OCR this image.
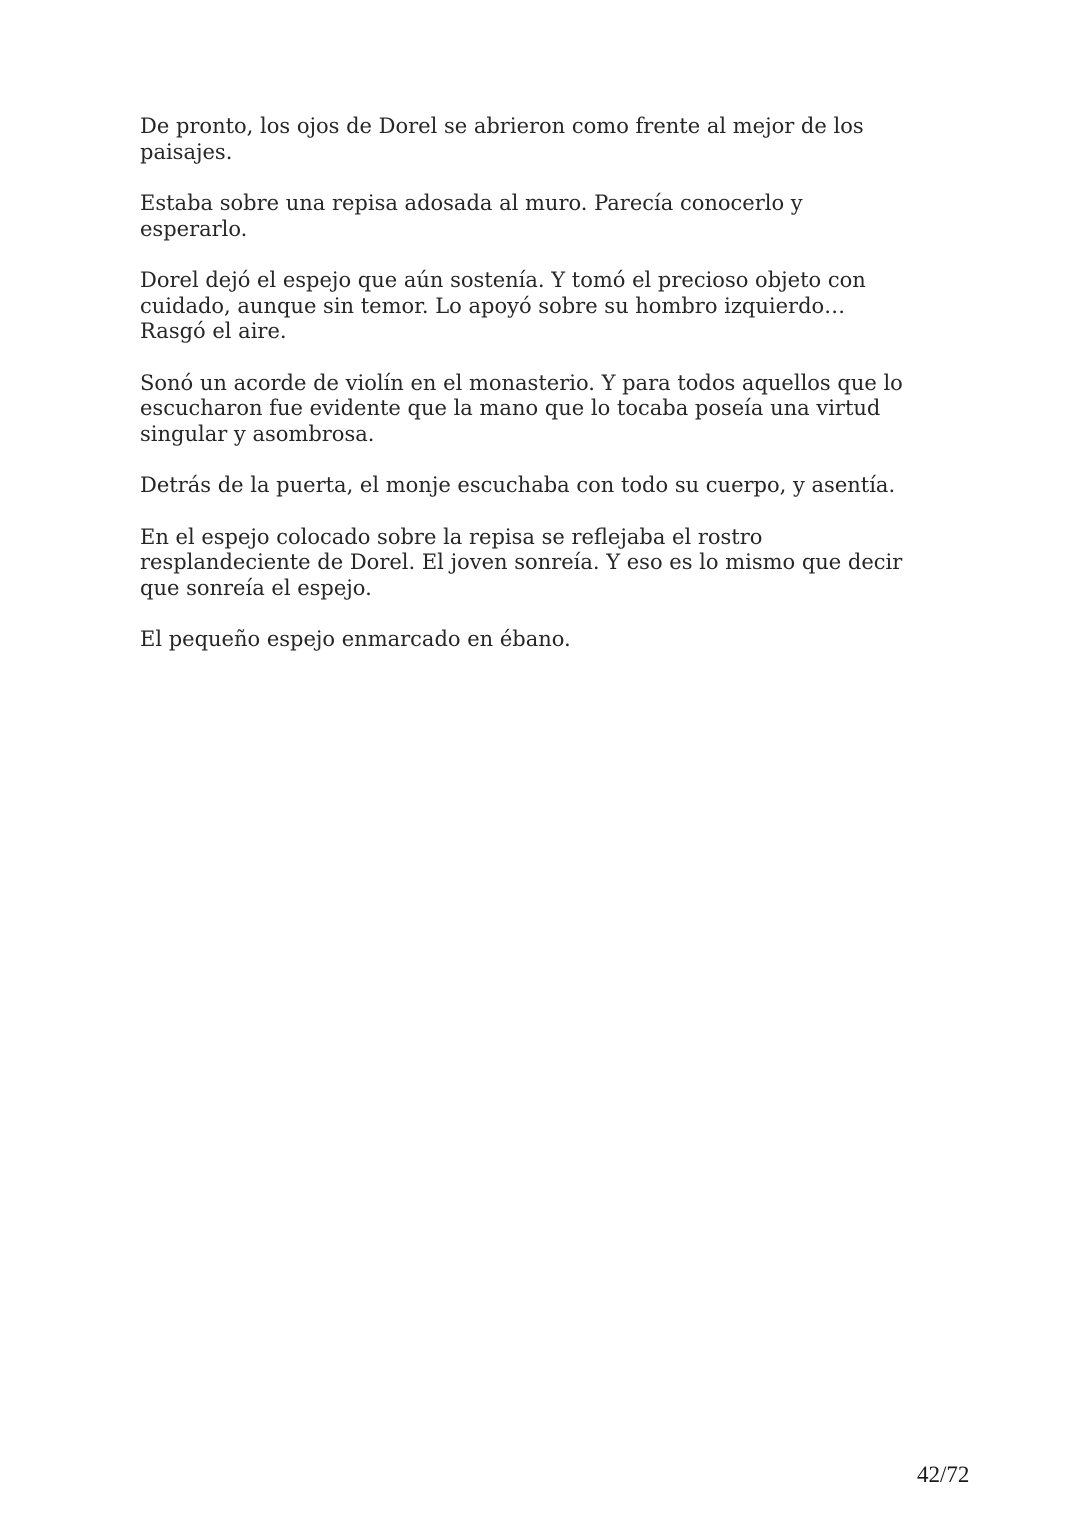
De pronto, los ojos de Dorel se abrieron como frente al mejor de los
paisajes.

Estaba sobre una repisa adosada al muro. Parecía conocerlo y
esperarlo.

Dorel dejó el espejo que aún sostenía. Y tomó el precioso objeto con
cuidado, aunque sin temor. Lo apoyó sobre su hombro izquierdo…
Rasgó el aire.

Sonó un acorde de violín en el monasterio. Y para todos aquellos que lo
escucharon fue evidente que la mano que lo tocaba poseía una virtud
singular y asombrosa.

Detrás de la puerta, el monje escuchaba con todo su cuerpo, y asentía.

En el espejo colocado sobre la repisa se reflejaba el rostro
resplandeciente de Dorel. El joven sonreía. Y eso es lo mismo que decir
que sonreía el espejo.

El pequeño espejo enmarcado en ébano.

42/72
